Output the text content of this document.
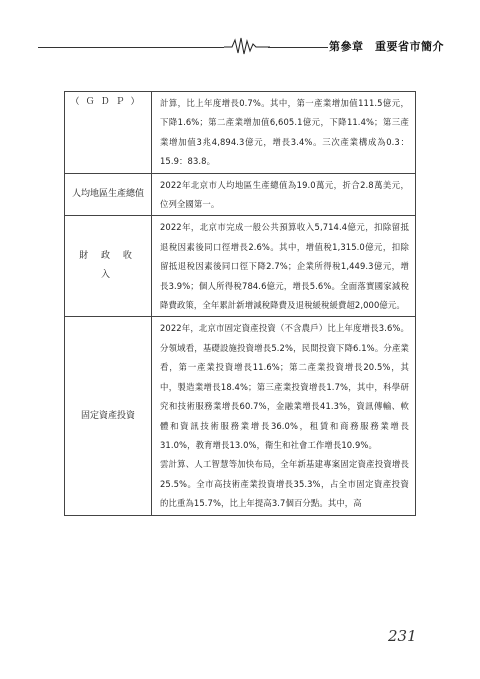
第參章　重要省市簡介
（ＧＤＰ）	計算，比上年度增長0.7%。其中，第一產業增加值111.5億元，下降1.6%；第二產業增加值6,605.1億元，下降11.4%；第三產業增加值3兆4,894.3億元，增長3.4%。三次產業構成為0.3：15.9：83.8。

人均地區生產總值	2022年北京市人均地區生產總值為19.0萬元，折合2.8萬美元，位列全國第一。

財 政 收 入	2022年，北京市完成一般公共預算收入5,714.4億元，扣除留抵退稅因素後同口徑增長2.6%。其中，增值稅1,315.0億元，扣除留抵退稅因素後同口徑下降2.7%；企業所得稅1,449.3億元，增長3.9%；個人所得稅784.6億元，增長5.6%。全面落實國家減稅降費政策，全年累計新增減稅降費及退稅緩稅緩費超2,000億元。

固定資產投資	2022年，北京市固定資產投資（不含農戶）比上年度增長3.6%。分領域看，基礎設施投資增長5.2%，民間投資下降6.1%。分產業看，第一產業投資增長11.6%；第二產業投資增長20.5%，其中，製造業增長18.4%；第三產業投資增長1.7%，其中，科學研究和技術服務業增長60.7%，金融業增長41.3%，資訊傳輸、軟體和資訊技術服務業增長36.0%，租賃和商務服務業增長31.0%，教育增長13.0%，衛生和社會工作增長10.9%。

雲計算、人工智慧等加快布局，全年新基建專案固定資產投資增長25.5%。全市高技術產業投資增長35.3%，占全市固定資產投資的比重為15.7%，比上年提高3.7個百分點。其中，高

231
